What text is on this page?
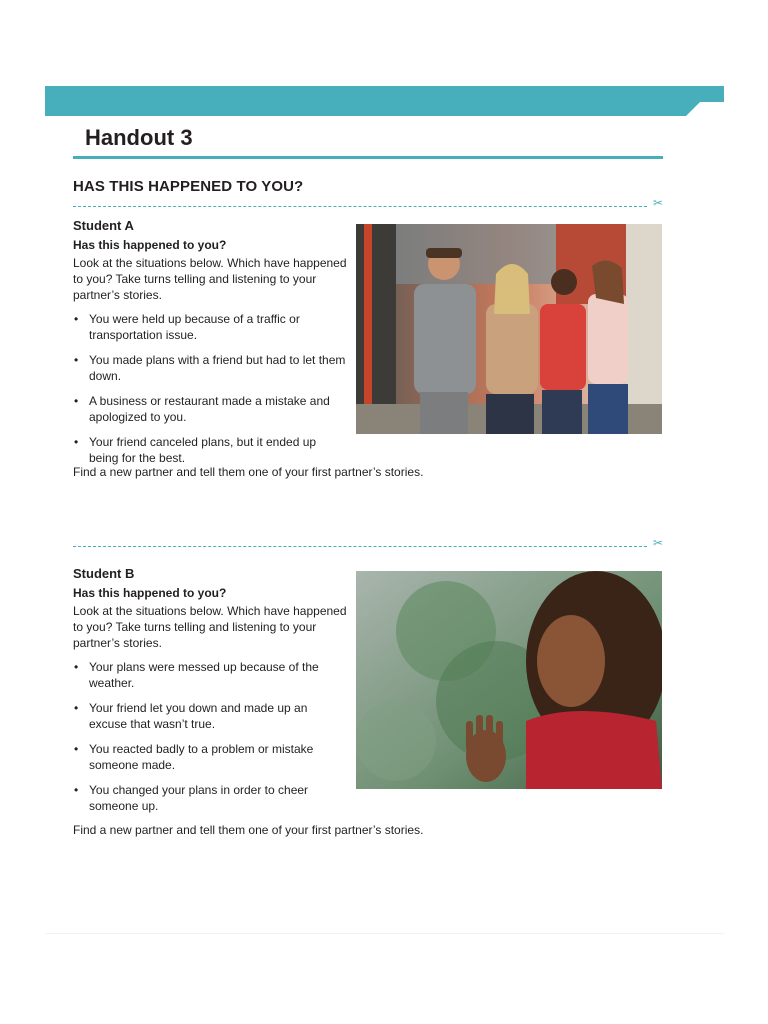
Handout 3
HAS THIS HAPPENED TO YOU?
✂

Student A

Has this happened to you?

Look at the situations below. Which have happened to you? Take turns telling and listening to your partner’s stories.

• You were held up because of a traffic or transportation issue.
• You made plans with a friend but had to let them down.
• A business or restaurant made a mistake and apologized to you.
• Your friend canceled plans, but it ended up being for the best.

Find a new partner and tell them one of your first partner’s stories.

✂

Student B

Has this happened to you?

Look at the situations below. Which have happened to you? Take turns telling and listening to your partner’s stories.

• Your plans were messed up because of the weather.
• Your friend let you down and made up an excuse that wasn’t true.
• You reacted badly to a problem or mistake someone made.
• You changed your plans in order to cheer someone up.

Find a new partner and tell them one of your first partner’s stories.
